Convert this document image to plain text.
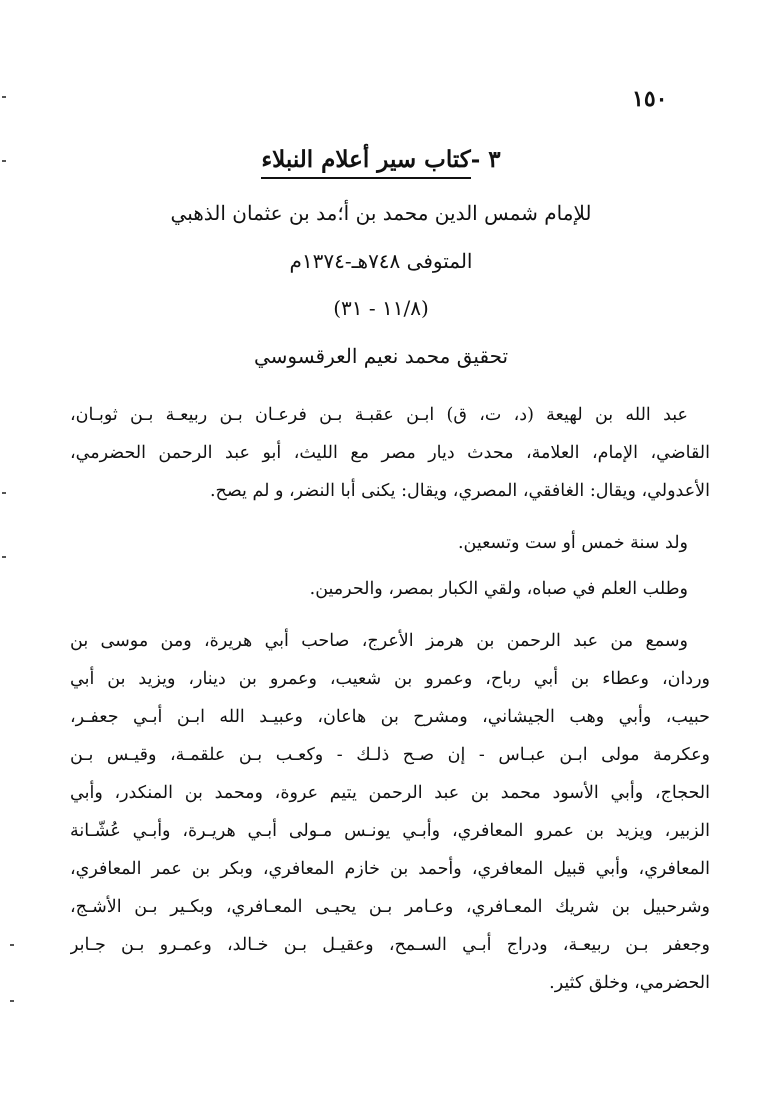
١٥٠
٣ -كتاب سير أعلام النبلاء
للإمام شمس الدين محمد بن أ؛مد بن عثمان الذهبي
المتوفى ٧٤٨هـ-١٣٧٤م
(١١/٨ - ٣١)
تحقيق محمد نعيم العرقسوسي
عبد الله بن لهيعة (د، ت، ق) ابـن عقبـة بـن فرعـان بـن ربيعـة بـن ثوبـان،
القاضي، الإمام، العلامة، محدث ديار مصر مع الليث، أبو عبد الرحمن الحضرمي،
الأعدولي، ويقال: الغافقي، المصري، ويقال: يكنى أبا النضر، و لم يصح.
ولد سنة خمس أو ست وتسعين.
وطلب العلم في صباه، ولقي الكبار بمصر، والحرمين.
وسمع من عبد الرحمن بن هرمز الأعرج، صاحب أبي هريرة، ومن موسى بن
وردان، وعطاء بن أبي رباح، وعمرو بن شعيب، وعمرو بن دينار، ويزيد بن أبي
حبيب، وأبي وهب الجيشاني، ومشرح بن هاعان، وعبيـد الله ابـن أبـي جعفـر،
وعكرمة مولى ابـن عبـاس - إن صـح ذلـك - وكعـب بـن علقمـة، وقيـس بـن
الحجاج، وأبي الأسود محمد بن عبد الرحمن يتيم عروة، ومحمد بن المنكدر، وأبي
الزبير، ويزيد بن عمرو المعافري، وأبـي يونـس مـولى أبـي هريـرة، وأبـي عُشّـانة
المعافري، وأبي قبيل المعافري، وأحمد بن خازم المعافري، وبكر بن عمر المعافري،
وشرحبيل بن شريك المعـافري، وعـامر بـن يحيـى المعـافري، وبكـير بـن الأشـج،
وجعفر بـن ربيعـة، ودراج أبـي السـمح، وعقيـل بـن خـالد، وعمـرو بـن جـابر
الحضرمي، وخلق كثير.
